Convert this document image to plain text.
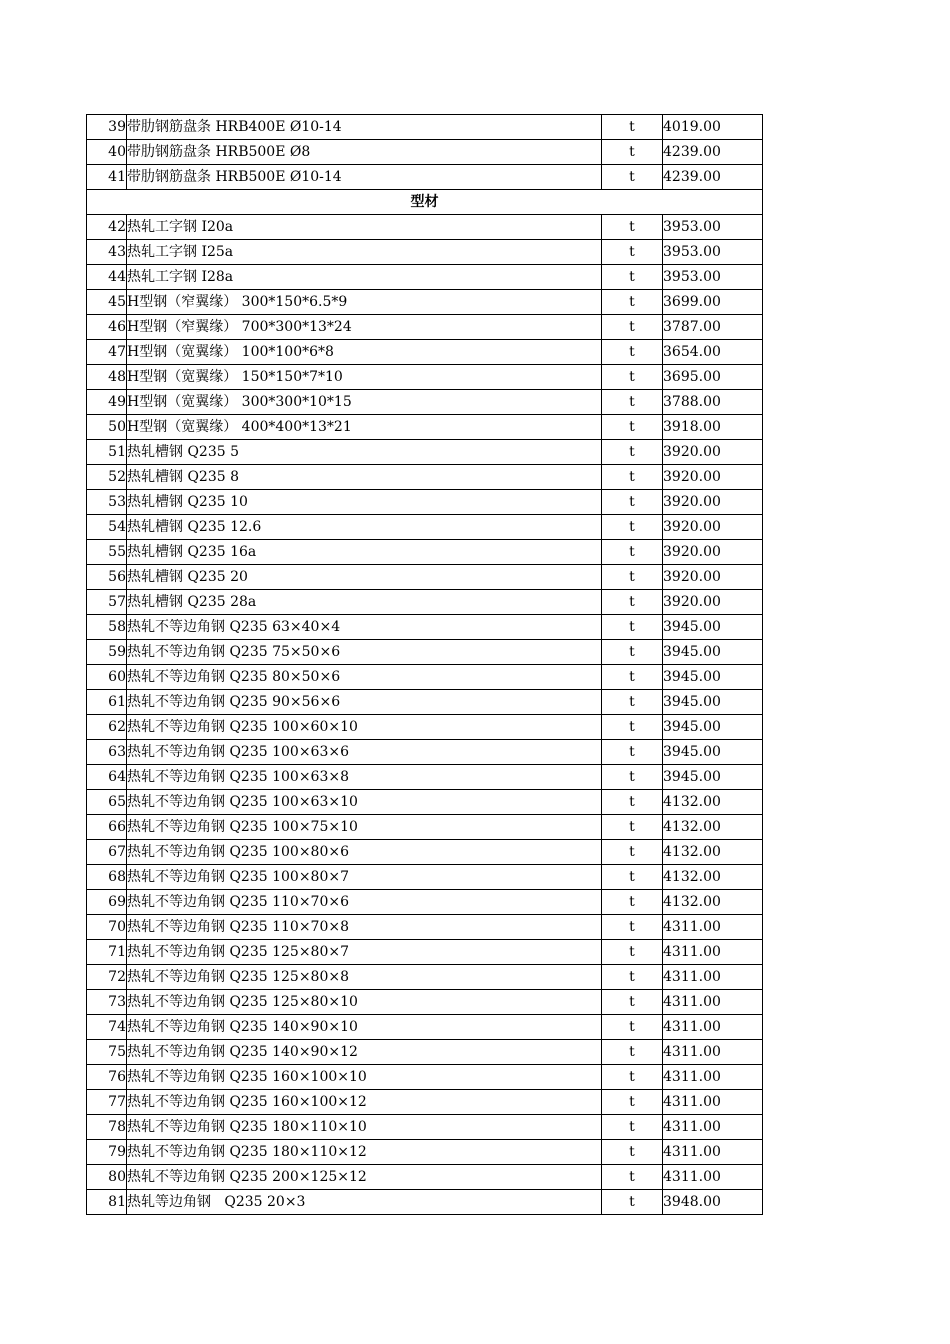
39	带肋钢筋盘条 HRB400E Ø10-14	t	4019.00
40	带肋钢筋盘条 HRB500E Ø8	t	4239.00
41	带肋钢筋盘条 HRB500E Ø10-14	t	4239.00
型材			
42	热轧工字钢 I20a	t	3953.00
43	热轧工字钢 I25a	t	3953.00
44	热轧工字钢 I28a	t	3953.00
45	H型钢（窄翼缘） 300*150*6.5*9	t	3699.00
46	H型钢（窄翼缘） 700*300*13*24	t	3787.00
47	H型钢（宽翼缘） 100*100*6*8	t	3654.00
48	H型钢（宽翼缘） 150*150*7*10	t	3695.00
49	H型钢（宽翼缘） 300*300*10*15	t	3788.00
50	H型钢（宽翼缘） 400*400*13*21	t	3918.00
51	热轧槽钢 Q235 5	t	3920.00
52	热轧槽钢 Q235 8	t	3920.00
53	热轧槽钢 Q235 10	t	3920.00
54	热轧槽钢 Q235 12.6	t	3920.00
55	热轧槽钢 Q235 16a	t	3920.00
56	热轧槽钢 Q235 20	t	3920.00
57	热轧槽钢 Q235 28a	t	3920.00
58	热轧不等边角钢 Q235 63×40×4	t	3945.00
59	热轧不等边角钢 Q235 75×50×6	t	3945.00
60	热轧不等边角钢 Q235 80×50×6	t	3945.00
61	热轧不等边角钢 Q235 90×56×6	t	3945.00
62	热轧不等边角钢 Q235 100×60×10	t	3945.00
63	热轧不等边角钢 Q235 100×63×6	t	3945.00
64	热轧不等边角钢 Q235 100×63×8	t	3945.00
65	热轧不等边角钢 Q235 100×63×10	t	4132.00
66	热轧不等边角钢 Q235 100×75×10	t	4132.00
67	热轧不等边角钢 Q235 100×80×6	t	4132.00
68	热轧不等边角钢 Q235 100×80×7	t	4132.00
69	热轧不等边角钢 Q235 110×70×6	t	4132.00
70	热轧不等边角钢 Q235 110×70×8	t	4311.00
71	热轧不等边角钢 Q235 125×80×7	t	4311.00
72	热轧不等边角钢 Q235 125×80×8	t	4311.00
73	热轧不等边角钢 Q235 125×80×10	t	4311.00
74	热轧不等边角钢 Q235 140×90×10	t	4311.00
75	热轧不等边角钢 Q235 140×90×12	t	4311.00
76	热轧不等边角钢 Q235 160×100×10	t	4311.00
77	热轧不等边角钢 Q235 160×100×12	t	4311.00
78	热轧不等边角钢 Q235 180×110×10	t	4311.00
79	热轧不等边角钢 Q235 180×110×12	t	4311.00
80	热轧不等边角钢 Q235 200×125×12	t	4311.00
81	热轧等边角钢   Q235 20×3	t	3948.00
